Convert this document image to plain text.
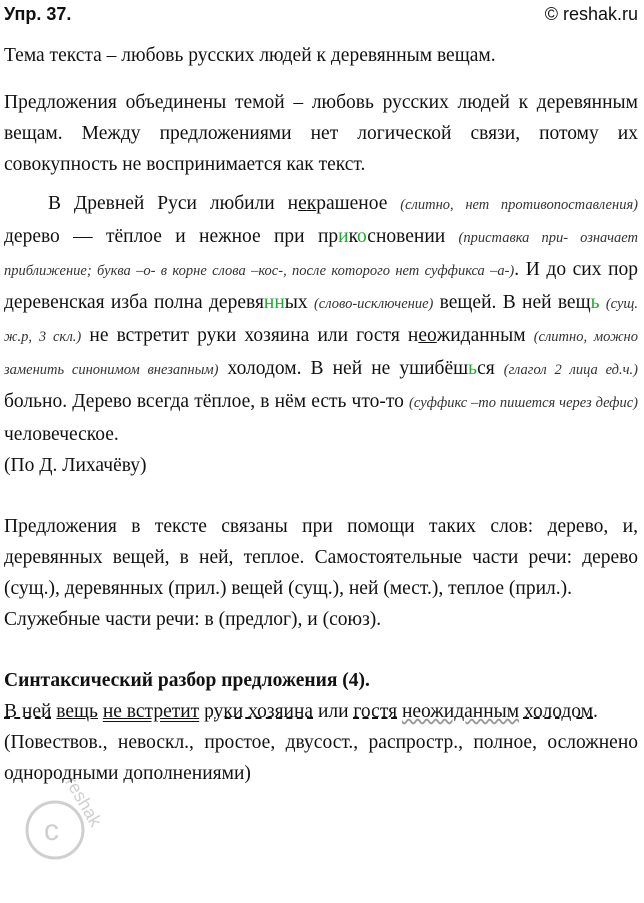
Упр. 37.	© reshak.ru

Тема текста – любовь русских людей к деревянным вещам.

Предложения объединены темой – любовь русских людей к деревянным вещам. Между предложениями нет логической связи, потому их совокупность не воспринимается как текст.

В Древней Руси любили некрашеное (слитно, нет противопоставления) дерево — тёплое и нежное при прикосновении (приставка при- означает приближение; буква –о- в корне слова –кос-, после которого нет суффикса –а-). И до сих пор деревенская изба полна деревянных (слово-исключение) вещей. В ней вещь (сущ. ж.р, 3 скл.) не встретит руки хозяина или гостя неoжиданным (слитно, можно заменить синонимом внезапным) холодом. В ней не ушибёшься (глагол 2 лица ед.ч.) больно. Дерево всегда тёплое, в нём есть что-то (суффикс –то пишется через дефис) человеческое.

(По Д. Лихачёву)

Предложения в тексте связаны при помощи таких слов: дерево, и, деревянных вещей, в ней, теплое. Самостоятельные части речи: дерево (сущ.), деревянных (прил.) вещей (сущ.), ней (мест.), теплое (прил.).

Служебные части речи: в (предлог), и (союз).

Синтаксический разбор предложения (4).

В ней вещь не встретит руки хозяина или гостя неожиданным холодом.

(Повествов., невоскл., простое, двусост., распростр., полное, осложнено однородными дополнениями)

c
reshak
